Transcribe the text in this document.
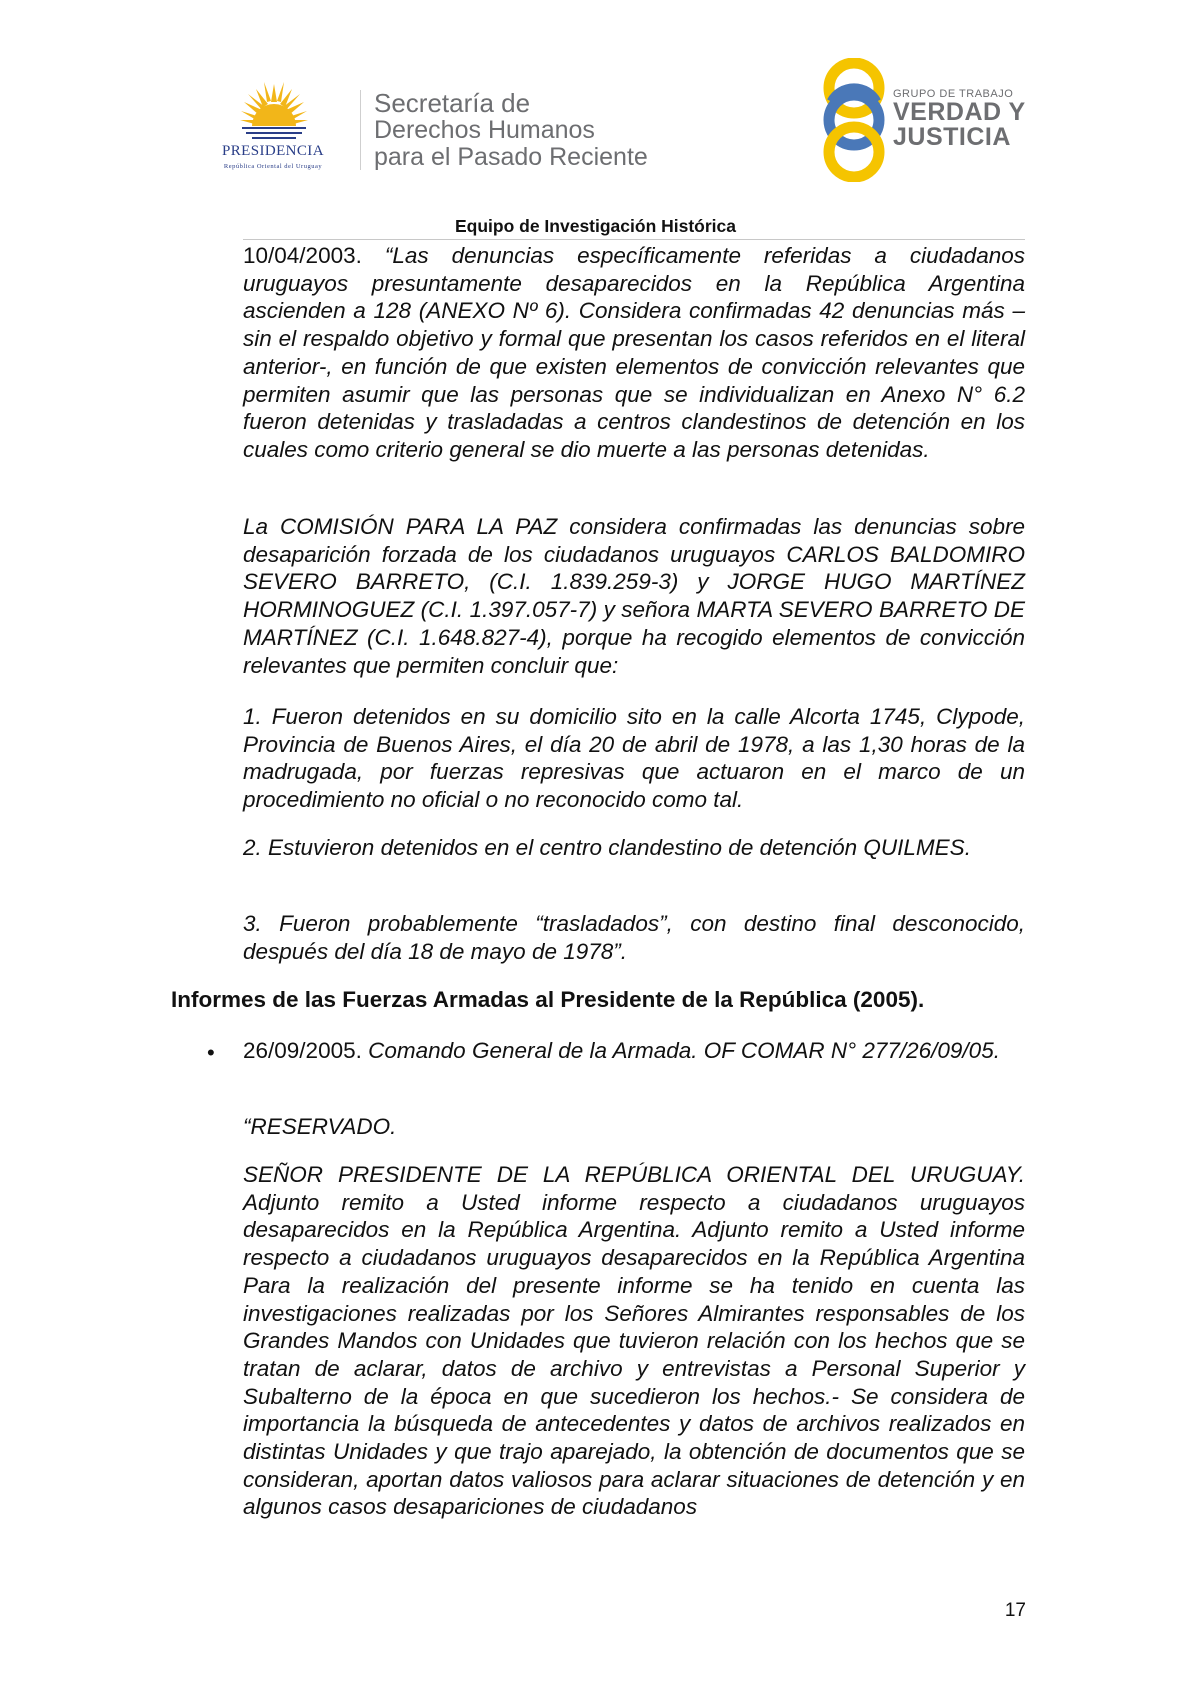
PRESIDENCIA
República Oriental del Uruguay
Secretaría de
Derechos Humanos
para el Pasado Reciente
GRUPO DE TRABAJO
VERDAD Y
JUSTICIA
Equipo de Investigación Histórica
10/04/2003. “Las denuncias específicamente referidas a ciudadanos uruguayos presuntamente desaparecidos en la República Argentina ascienden a 128 (ANEXO Nº 6). Considera confirmadas 42 denuncias más –sin el respaldo objetivo y formal que presentan los casos referidos en el literal anterior-, en función de que existen elementos de convicción relevantes que permiten asumir que las personas que se individualizan en Anexo N° 6.2 fueron detenidas y trasladadas a centros clandestinos de detención en los cuales como criterio general se dio muerte a las personas detenidas.
La COMISIÓN PARA LA PAZ considera confirmadas las denuncias sobre desaparición forzada de los ciudadanos uruguayos CARLOS BALDOMIRO SEVERO BARRETO, (C.I. 1.839.259-3) y JORGE HUGO MARTÍNEZ HORMINOGUEZ (C.I. 1.397.057-7) y señora MARTA SEVERO BARRETO DE MARTÍNEZ (C.I. 1.648.827-4), porque ha recogido elementos de convicción relevantes que permiten concluir que:
1. Fueron detenidos en su domicilio sito en la calle Alcorta 1745, Clypode, Provincia de Buenos Aires, el día 20 de abril de 1978, a las 1,30 horas de la madrugada, por fuerzas represivas que actuaron en el marco de un procedimiento no oficial o no reconocido como tal.
2. Estuvieron detenidos en el centro clandestino de detención QUILMES.
3. Fueron probablemente “trasladados”, con destino final desconocido, después del día 18 de mayo de 1978”.
Informes de las Fuerzas Armadas al Presidente de la República (2005).
• 26/09/2005. Comando General de la Armada. OF COMAR N° 277/26/09/05.
“RESERVADO.
SEÑOR PRESIDENTE DE LA REPÚBLICA ORIENTAL DEL URUGUAY. Adjunto remito a Usted informe respecto a ciudadanos uruguayos desaparecidos en la República Argentina. Adjunto remito a Usted informe respecto a ciudadanos uruguayos desaparecidos en la República Argentina Para la realización del presente informe se ha tenido en cuenta las investigaciones realizadas por los Señores Almirantes responsables de los Grandes Mandos con Unidades que tuvieron relación con los hechos que se tratan de aclarar, datos de archivo y entrevistas a Personal Superior y Subalterno de la época en que sucedieron los hechos.- Se considera de importancia la búsqueda de antecedentes y datos de archivos realizados en distintas Unidades y que trajo aparejado, la obtención de documentos que se consideran, aportan datos valiosos para aclarar situaciones de detención y en algunos casos desapariciones de ciudadanos
17
